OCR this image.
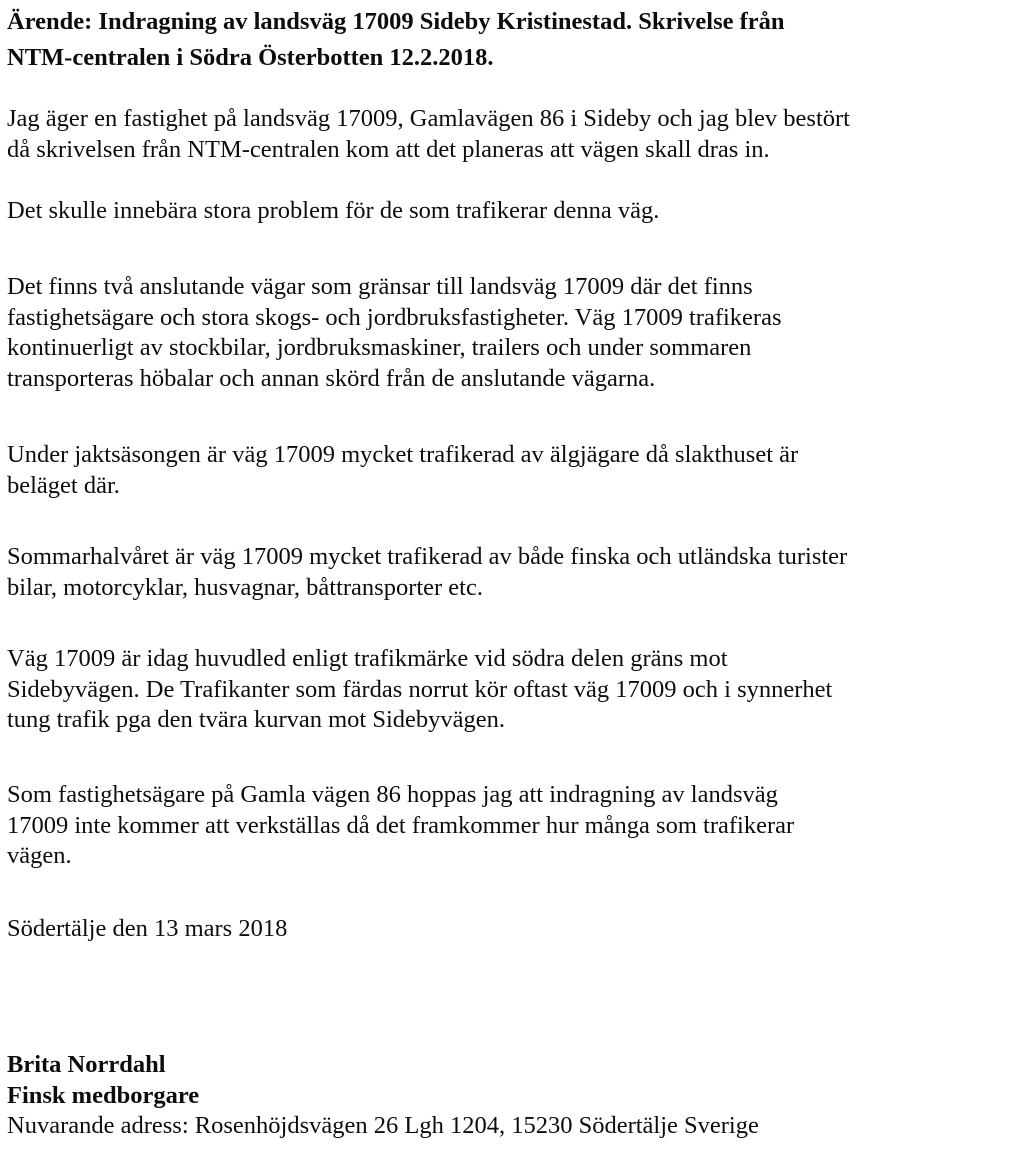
Ärende: Indragning av landsväg 17009 Sideby Kristinestad. Skrivelse från
NTM-centralen i Södra Österbotten 12.2.2018.
Jag äger en fastighet på landsväg 17009, Gamlavägen 86 i Sideby och jag blev bestört
då skrivelsen från NTM-centralen kom att det planeras att vägen skall dras in.
Det skulle innebära stora problem för de som trafikerar denna väg.
Det finns två anslutande vägar som gränsar till landsväg 17009 där det finns
fastighetsägare och stora skogs- och jordbruksfastigheter. Väg 17009 trafikeras
kontinuerligt av stockbilar, jordbruksmaskiner, trailers och under sommaren
transporteras höbalar och annan skörd från de anslutande vägarna.
Under jaktsäsongen är väg 17009 mycket trafikerad av älgjägare då slakthuset är
beläget där.
Sommarhalvåret är väg 17009 mycket trafikerad av både finska och utländska turister
bilar, motorcyklar, husvagnar, båttransporter etc.
Väg 17009 är idag huvudled enligt trafikmärke vid södra delen gräns mot
Sidebyvägen. De Trafikanter som färdas norrut kör oftast väg 17009 och i synnerhet
tung trafik pga den tvära kurvan mot Sidebyvägen.
Som fastighetsägare på Gamla vägen 86 hoppas jag att indragning av landsväg
17009 inte kommer att verkställas då det framkommer hur många som trafikerar
vägen.
Södertälje den 13 mars 2018
Brita Norrdahl
Finsk medborgare
Nuvarande adress: Rosenhöjdsvägen 26 Lgh 1204, 15230 Södertälje Sverige
